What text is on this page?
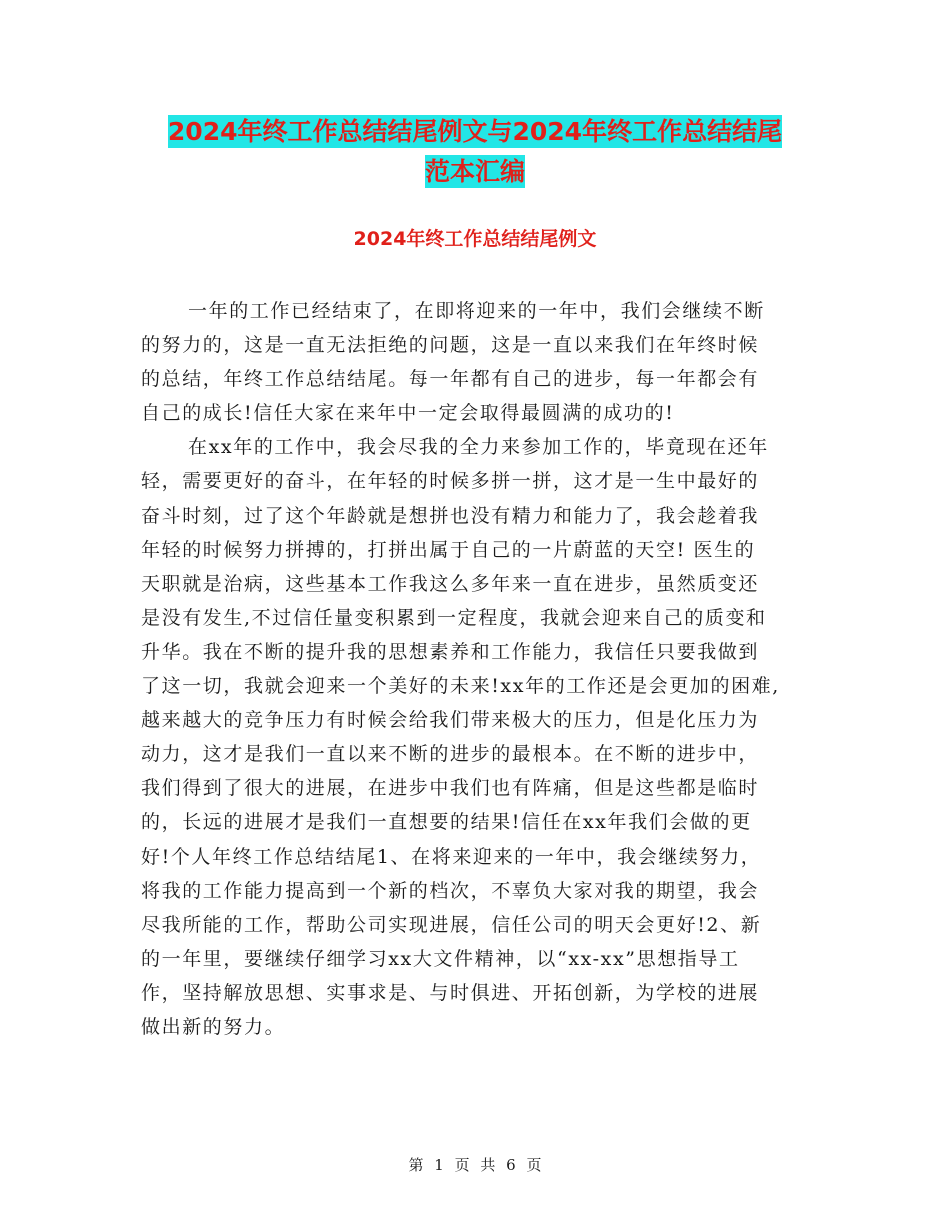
2024年终工作总结结尾例文与2024年终工作总结结尾
范本汇编
2024年终工作总结结尾例文
一年的工作已经结束了，在即将迎来的一年中，我们会继续不断
的努力的，这是一直无法拒绝的问题，这是一直以来我们在年终时候
的总结，年终工作总结结尾。每一年都有自己的进步，每一年都会有
自己的成长!信任大家在来年中一定会取得最圆满的成功的!
在xx年的工作中，我会尽我的全力来参加工作的，毕竟现在还年
轻，需要更好的奋斗，在年轻的时候多拼一拼，这才是一生中最好的
奋斗时刻，过了这个年龄就是想拼也没有精力和能力了，我会趁着我
年轻的时候努力拼搏的，打拼出属于自己的一片蔚蓝的天空! 医生的
天职就是治病，这些基本工作我这么多年来一直在进步，虽然质变还
是没有发生,不过信任量变积累到一定程度，我就会迎来自己的质变和
升华。我在不断的提升我的思想素养和工作能力，我信任只要我做到
了这一切，我就会迎来一个美好的未来!xx年的工作还是会更加的困难,
越来越大的竞争压力有时候会给我们带来极大的压力，但是化压力为
动力，这才是我们一直以来不断的进步的最根本。在不断的进步中，
我们得到了很大的进展，在进步中我们也有阵痛，但是这些都是临时
的，长远的进展才是我们一直想要的结果!信任在xx年我们会做的更
好!个人年终工作总结结尾1、在将来迎来的一年中，我会继续努力，
将我的工作能力提高到一个新的档次，不辜负大家对我的期望，我会
尽我所能的工作，帮助公司实现进展，信任公司的明天会更好!2、新
的一年里，要继续仔细学习xx大文件精神，以“xx-xx”思想指导工
作，坚持解放思想、实事求是、与时俱进、开拓创新，为学校的进展
做出新的努力。
第 1 页 共 6 页
